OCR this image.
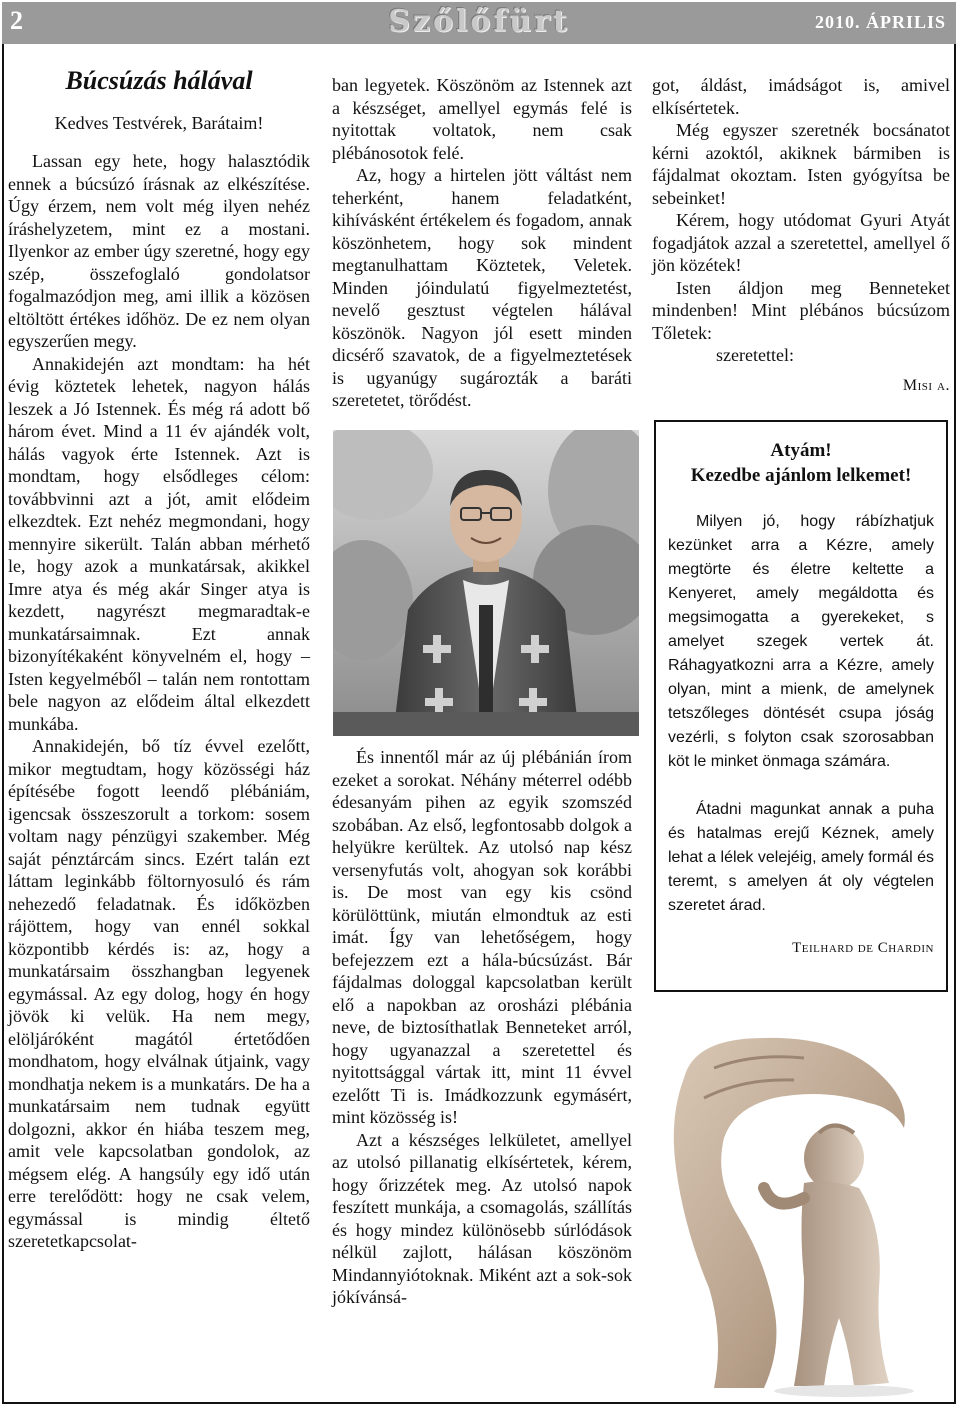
2	Szőlőfürt	2010. ÁPRILIS
Búcsúzás hálával
Kedves Testvérek, Barátaim!

Lassan egy hete, hogy halasztódik ennek a búcsúzó írásnak az elkészítése. Úgy érzem, nem volt még ilyen nehéz íráshelyzetem, mint ez a mostani. Ilyenkor az ember úgy szeretné, hogy egy szép, összefoglaló gondolatsor fogalmazódjon meg, ami illik a közösen eltöltött értékes időhöz. De ez nem olyan egyszerűen megy.

Annakidején azt mondtam: ha hét évig köztetek lehetek, nagyon hálás leszek a Jó Istennek. És még rá adott bő három évet. Mind a 11 év ajándék volt, hálás vagyok érte Istennek. Azt is mondtam, hogy elsődleges célom: továbbvinni azt a jót, amit elődeim elkezdtek. Ezt nehéz megmondani, hogy mennyire sikerült. Talán abban mérhető le, hogy azok a munkatársak, akikkel Imre atya és még akár Singer atya is kezdett, nagyrészt megmaradtak-e munkatársaimnak. Ezt annak bizonyítékaként könyvelném el, hogy – Isten kegyelméből – talán nem rontottam bele nagyon az elődeim által elkezdett munkába.

Annakidején, bő tíz évvel ezelőtt, mikor megtudtam, hogy közösségi ház építésébe fogott leendő plébániám, igencsak összeszorult a torkom: sosem voltam nagy pénzügyi szakember. Még saját pénztárcám sincs. Ezért talán ezt láttam leginkább föltornyosuló és rám nehezedő feladatnak. És időközben rájöttem, hogy van ennél sokkal központibb kérdés is: az, hogy a munkatársaim összhangban legyenek egymással. Az egy dolog, hogy én hogy jövök ki velük. Ha nem megy, elöljáróként magától értetődően mondhatom, hogy elválnak útjaink, vagy mondhatja nekem is a munkatárs. De ha a munkatársaim nem tudnak együtt dolgozni, akkor én hiába teszem meg, amit vele kapcsolatban gondolok, az mégsem elég. A hangsúly egy idő után erre terelődött: hogy ne csak velem, egymással is mindig éltető szeretetkapcsolat-

ban legyetek. Köszönöm az Istennek azt a készséget, amellyel egymás felé is nyitottak voltatok, nem csak plébánosotok felé.

Az, hogy a hirtelen jött váltást nem teherként, hanem feladatként, kihívásként értékelem és fogadom, annak köszönhetem, hogy sok mindent megtanulhattam Köztetek, Veletek. Minden jóindulatú figyelmeztetést, nevelő gesztust végtelen hálával köszönök. Nagyon jól esett minden dicsérő szavatok, de a figyelmeztetések is ugyanúgy sugározták a baráti szeretetet, törődést.

És innentől már az új plébánián írom ezeket a sorokat. Néhány méterrel odébb édesanyám pihen az egyik szomszéd szobában. Az első, legfontosabb dolgok a helyükre kerültek. Az utolsó nap kész versenyfutás volt, ahogyan sok korábbi is. De most van egy kis csönd körülöttünk, miután elmondtuk az esti imát. Így van lehetőségem, hogy befejezzem ezt a hála-búcsúzást. Bár fájdalmas dologgal kapcsolatban került elő a napokban az orosházi plébánia neve, de biztosíthatlak Benneteket arról, hogy ugyanazzal a szeretettel és nyitottsággal vártak itt, mint 11 évvel ezelőtt Ti is. Imádkozzunk egymásért, mint közösség is!

Azt a készséges lelkületet, amellyel az utolsó pillanatig elkísértetek, kérem, hogy őrizzétek meg. Az utolsó napok feszített munkája, a csomagolás, szállítás és hogy mindez különösebb súrlódások nélkül zajlott, hálásan köszönöm Mindannyiótoknak. Miként azt a sok-sok jókívánsá-

got, áldást, imádságot is, amivel elkísértetek.

Még egyszer szeretnék bocsánatot kérni azoktól, akiknek bármiben is fájdalmat okoztam. Isten gyógyítsa be sebeinket!

Kérem, hogy utódomat Gyuri Atyát fogadjátok azzal a szeretettel, amellyel ő jön közétek!

Isten áldjon meg Benneteket mindenben! Mint plébános búcsúzom Tőletek:

szeretettel:

Misi a.

Atyám!
Kezedbe ajánlom lelkemet!

Milyen jó, hogy rábízhatjuk kezünket arra a Kézre, amely megtörte és életre keltette a Kenyeret, amely megáldotta és megsimogatta a gyerekeket, s amelyet szegek vertek át. Ráhagyatkozni arra a Kézre, amely olyan, mint a mienk, de amelynek tetszőleges döntését csupa jóság vezérli, s folyton csak szorosabban köt le minket önmaga számára.

Átadni magunkat annak a puha és hatalmas erejű Kéznek, amely lehat a lélek velejéig, amely formál és teremt, s amelyen át oly végtelen szeretet árad.

Teilhard de Chardin
